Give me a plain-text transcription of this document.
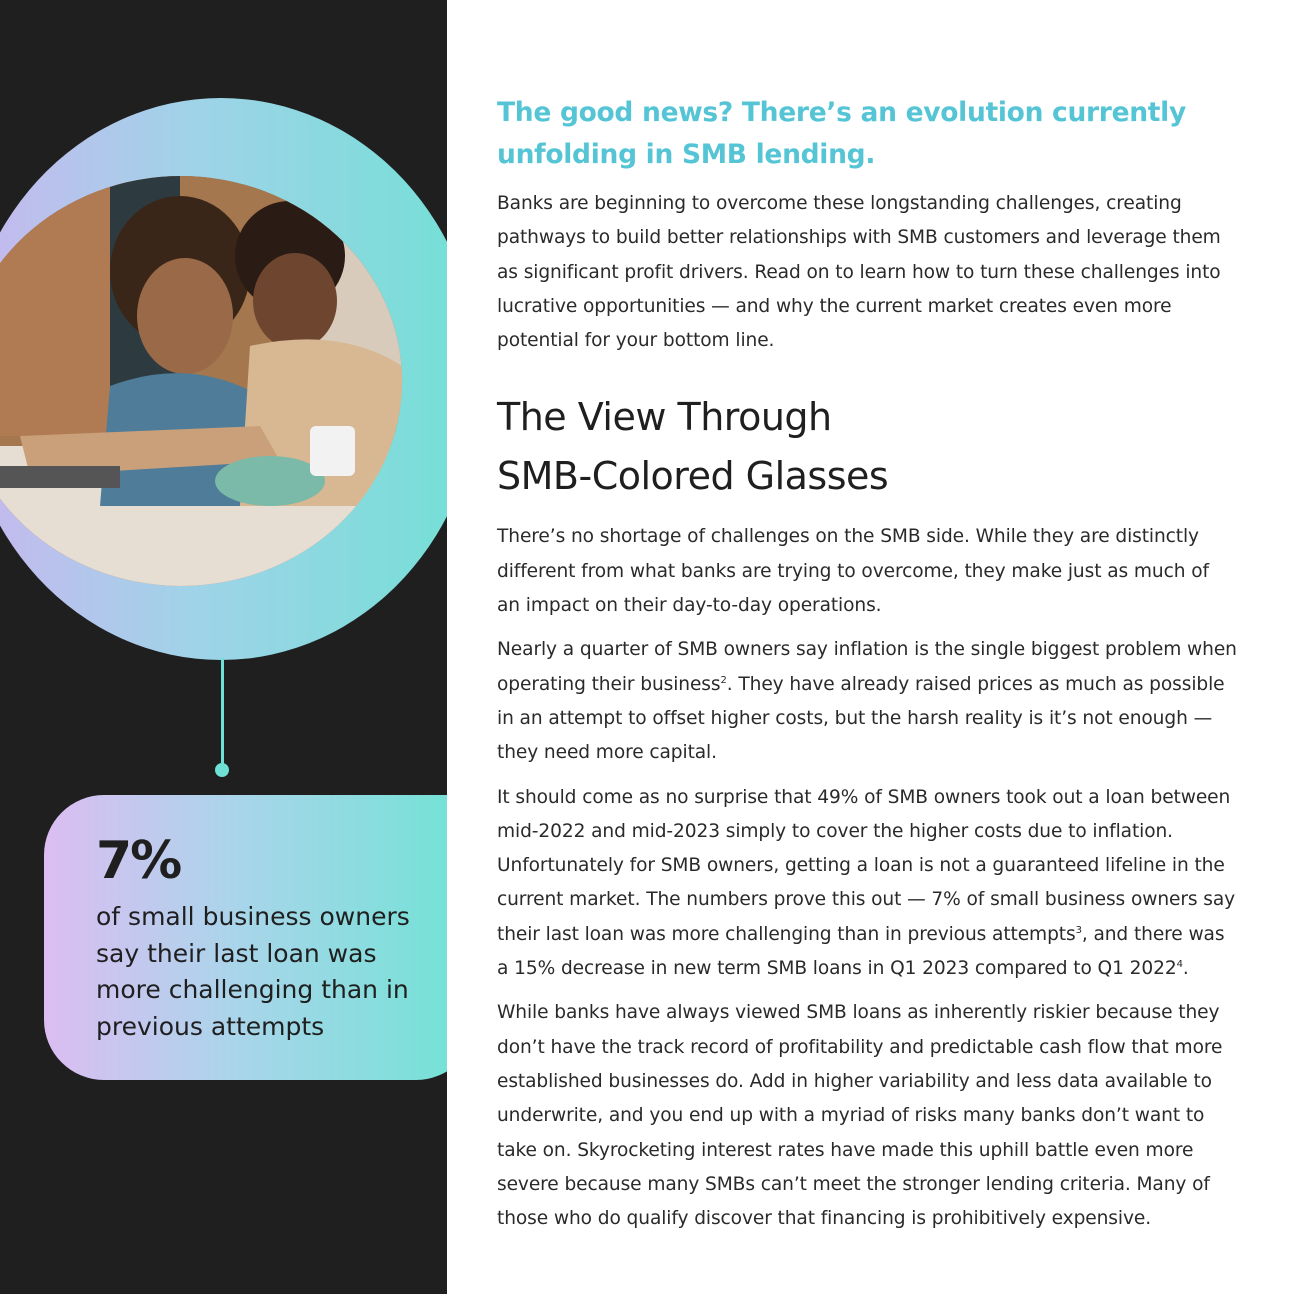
7%

of small business owners say their last loan was more challenging than in previous attempts

The good news? There’s an evolution currently unfolding in SMB lending.

Banks are beginning to overcome these longstanding challenges, creating pathways to build better relationships with SMB customers and leverage them as significant profit drivers. Read on to learn how to turn these challenges into lucrative opportunities — and why the current market creates even more potential for your bottom line.

The View Through
SMB-Colored Glasses

There’s no shortage of challenges on the SMB side. While they are distinctly different from what banks are trying to overcome, they make just as much of an impact on their day-to-day operations.

Nearly a quarter of SMB owners say inflation is the single biggest problem when operating their business$^2$. They have already raised prices as much as possible in an attempt to offset higher costs, but the harsh reality is it’s not enough — they need more capital.

It should come as no surprise that 49% of SMB owners took out a loan between mid-2022 and mid-2023 simply to cover the higher costs due to inflation. Unfortunately for SMB owners, getting a loan is not a guaranteed lifeline in the current market. The numbers prove this out — 7% of small business owners say their last loan was more challenging than in previous attempts$^3$, and there was a 15% decrease in new term SMB loans in Q1 2023 compared to Q1 2022$^4$.

While banks have always viewed SMB loans as inherently riskier because they don’t have the track record of profitability and predictable cash flow that more established businesses do. Add in higher variability and less data available to underwrite, and you end up with a myriad of risks many banks don’t want to take on. Skyrocketing interest rates have made this uphill battle even more severe because many SMBs can’t meet the stronger lending criteria. Many of those who do qualify discover that financing is prohibitively expensive.
